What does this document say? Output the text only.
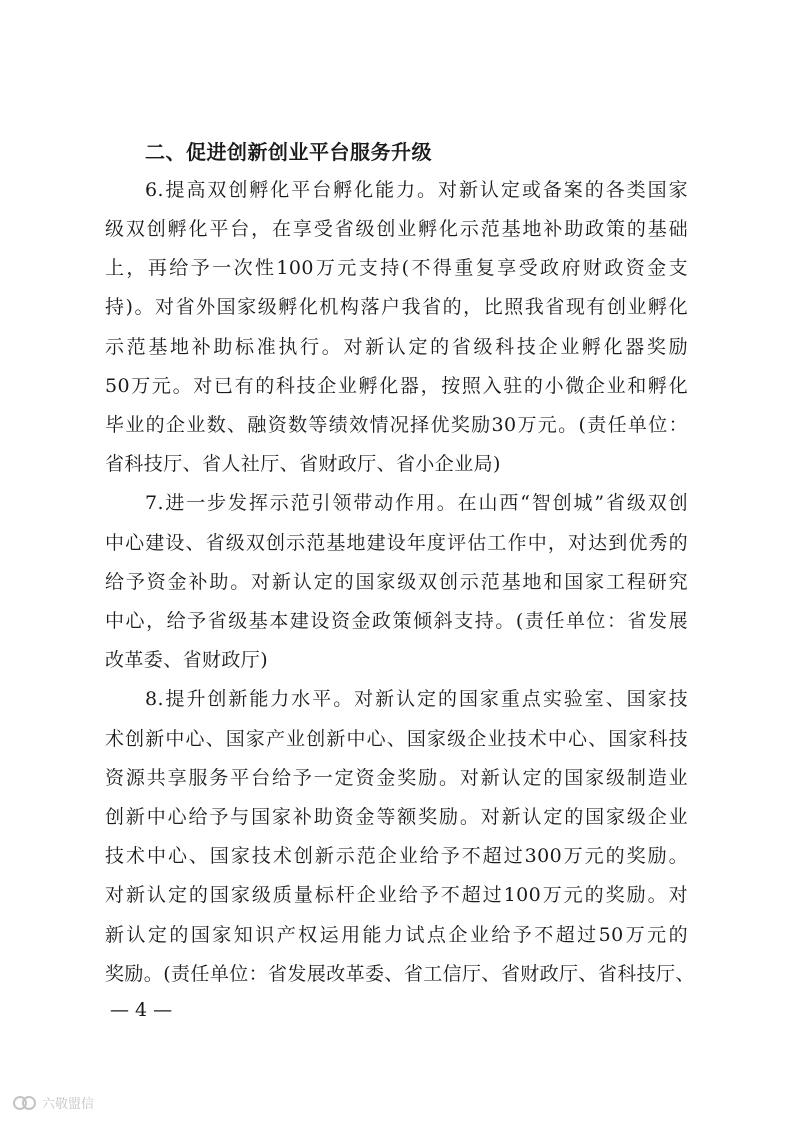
二、促进创新创业平台服务升级
6.提高双创孵化平台孵化能力。对新认定或备案的各类国家
级双创孵化平台，在享受省级创业孵化示范基地补助政策的基础
上，再给予一次性100万元支持(不得重复享受政府财政资金支
持)。对省外国家级孵化机构落户我省的，比照我省现有创业孵化
示范基地补助标准执行。对新认定的省级科技企业孵化器奖励
50万元。对已有的科技企业孵化器，按照入驻的小微企业和孵化
毕业的企业数、融资数等绩效情况择优奖励30万元。(责任单位：
省科技厅、省人社厅、省财政厅、省小企业局)
7.进一步发挥示范引领带动作用。在山西“智创城”省级双创
中心建设、省级双创示范基地建设年度评估工作中，对达到优秀的
给予资金补助。对新认定的国家级双创示范基地和国家工程研究
中心，给予省级基本建设资金政策倾斜支持。(责任单位：省发展
改革委、省财政厅)
8.提升创新能力水平。对新认定的国家重点实验室、国家技
术创新中心、国家产业创新中心、国家级企业技术中心、国家科技
资源共享服务平台给予一定资金奖励。对新认定的国家级制造业
创新中心给予与国家补助资金等额奖励。对新认定的国家级企业
技术中心、国家技术创新示范企业给予不超过300万元的奖励。
对新认定的国家级质量标杆企业给予不超过100万元的奖励。对
新认定的国家知识产权运用能力试点企业给予不超过50万元的
奖励。(责任单位：省发展改革委、省工信厅、省财政厅、省科技厅、
— 4 —
六敬盟信
